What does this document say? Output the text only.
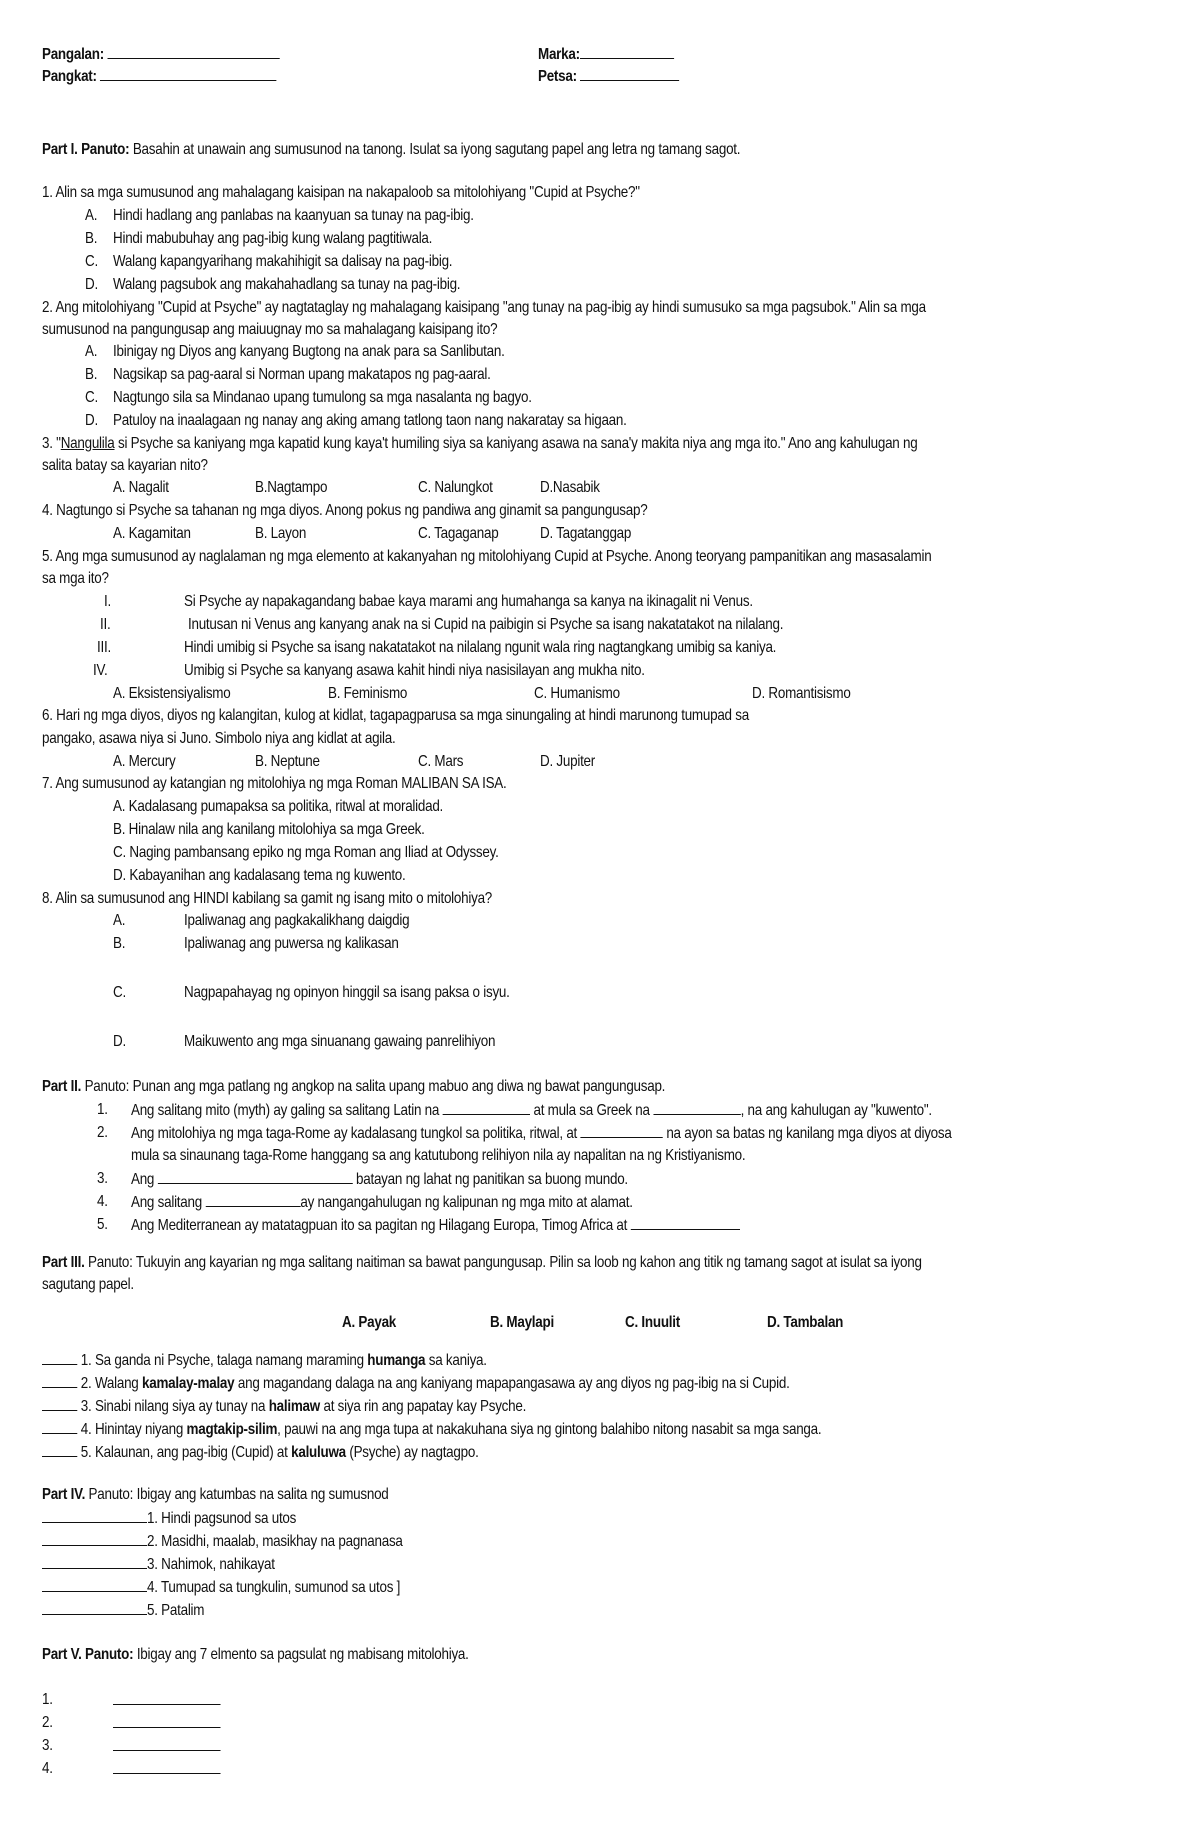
Pangalan:
Pangkat:
Marka:
Petsa:
Part I. Panuto: Basahin at unawain ang sumusunod na tanong. Isulat sa iyong sagutang papel ang letra ng tamang sagot.
1. Alin sa mga sumusunod ang mahalagang kaisipan na nakapaloob sa mitolohiyang "Cupid at Psyche?"
A. Hindi hadlang ang panlabas na kaanyuan sa tunay na pag-ibig.
B. Hindi mabubuhay ang pag-ibig kung walang pagtitiwala.
C. Walang kapangyarihang makahihigit sa dalisay na pag-ibig.
D. Walang pagsubok ang makahahadlang sa tunay na pag-ibig.
2. Ang mitolohiyang "Cupid at Psyche" ay nagtataglay ng mahalagang kaisipang "ang tunay na pag-ibig ay hindi sumusuko sa mga pagsubok." Alin sa mga
sumusunod na pangungusap ang maiuugnay mo sa mahalagang kaisipang ito?
A. Ibinigay ng Diyos ang kanyang Bugtong na anak para sa Sanlibutan.
B. Nagsikap sa pag-aaral si Norman upang makatapos ng pag-aaral.
C. Nagtungo sila sa Mindanao upang tumulong sa mga nasalanta ng bagyo.
D. Patuloy na inaalagaan ng nanay ang aking amang tatlong taon nang nakaratay sa higaan.
3. "Nangulila si Psyche sa kaniyang mga kapatid kung kaya't humiling siya sa kaniyang asawa na sana'y makita niya ang mga ito." Ano ang kahulugan ng
salita batay sa kayarian nito?
A. Nagalit	B.Nagtampo	C. Nalungkot	D.Nasabik
4. Nagtungo si Psyche sa tahanan ng mga diyos. Anong pokus ng pandiwa ang ginamit sa pangungusap?
A. Kagamitan	B. Layon	C. Tagaganap	D. Tagatanggap
5. Ang mga sumusunod ay naglalaman ng mga elemento at kakanyahan ng mitolohiyang Cupid at Psyche. Anong teoryang pampanitikan ang masasalamin
sa mga ito?
I.	Si Psyche ay napakagandang babae kaya marami ang humahanga sa kanya na ikinagalit ni Venus.
II.	Inutusan ni Venus ang kanyang anak na si Cupid na paibigin si Psyche sa isang nakatatakot na nilalang.
III.	Hindi umibig si Psyche sa isang nakatatakot na nilalang ngunit wala ring nagtangkang umibig sa kaniya.
IV.	Umibig si Psyche sa kanyang asawa kahit hindi niya nasisilayan ang mukha nito.
A. Eksistensiyalismo	B. Feminismo	C. Humanismo	D. Romantisismo
6. Hari ng mga diyos, diyos ng kalangitan, kulog at kidlat, tagapagparusa sa mga sinungaling at hindi marunong tumupad sa
pangako, asawa niya si Juno. Simbolo niya ang kidlat at agila.
A. Mercury	B. Neptune	C. Mars	D. Jupiter
7. Ang sumusunod ay katangian ng mitolohiya ng mga Roman MALIBAN SA ISA.
A. Kadalasang pumapaksa sa politika, ritwal at moralidad.
B. Hinalaw nila ang kanilang mitolohiya sa mga Greek.
C. Naging pambansang epiko ng mga Roman ang Iliad at Odyssey.
D. Kabayanihan ang kadalasang tema ng kuwento.
8. Alin sa sumusunod ang HINDI kabilang sa gamit ng isang mito o mitolohiya?
A.	Ipaliwanag ang pagkakalikhang daigdig
B.	Ipaliwanag ang puwersa ng kalikasan
C.	Nagpapahayag ng opinyon hinggil sa isang paksa o isyu.
D.	Maikuwento ang mga sinuanang gawaing panrelihiyon
Part II. Panuto: Punan ang mga patlang ng angkop na salita upang mabuo ang diwa ng bawat pangungusap.
1. Ang salitang mito (myth) ay galing sa salitang Latin na	at mula sa Greek na	, na ang kahulugan ay "kuwento".
2. Ang mitolohiya ng mga taga-Rome ay kadalasang tungkol sa politika, ritwal, at	na ayon sa batas ng kanilang mga diyos at diyosa
mula sa sinaunang taga-Rome hanggang sa ang katutubong relihiyon nila ay napalitan na ng Kristiyanismo.
3. Ang	batayan ng lahat ng panitikan sa buong mundo.
4. Ang salitang	ay nangangahulugan ng kalipunan ng mga mito at alamat.
5. Ang Mediterranean ay matatagpuan ito sa pagitan ng Hilagang Europa, Timog Africa at
Part III. Panuto: Tukuyin ang kayarian ng mga salitang naitiman sa bawat pangungusap. Pilin sa loob ng kahon ang titik ng tamang sagot at isulat sa iyong
sagutang papel.
A. Payak	B. Maylapi	C. Inuulit	D. Tambalan
1. Sa ganda ni Psyche, talaga namang maraming humanga sa kaniya.
2. Walang kamalay-malay ang magandang dalaga na ang kaniyang mapapangasawa ay ang diyos ng pag-ibig na si Cupid.
3. Sinabi nilang siya ay tunay na halimaw at siya rin ang papatay kay Psyche.
4. Hinintay niyang magtakip-silim, pauwi na ang mga tupa at nakakuhana siya ng gintong balahibo nitong nasabit sa mga sanga.
5. Kalaunan, ang pag-ibig (Cupid) at kaluluwa (Psyche) ay nagtagpo.
Part IV. Panuto: Ibigay ang katumbas na salita ng sumusnod
1. Hindi pagsunod sa utos
2. Masidhi, maalab, masikhay na pagnanasa
3. Nahimok, nahikayat
4. Tumupad sa tungkulin, sumunod sa utos ]
5. Patalim
Part V. Panuto: Ibigay ang 7 elmento sa pagsulat ng mabisang mitolohiya.
1.
2.
3.
4.
